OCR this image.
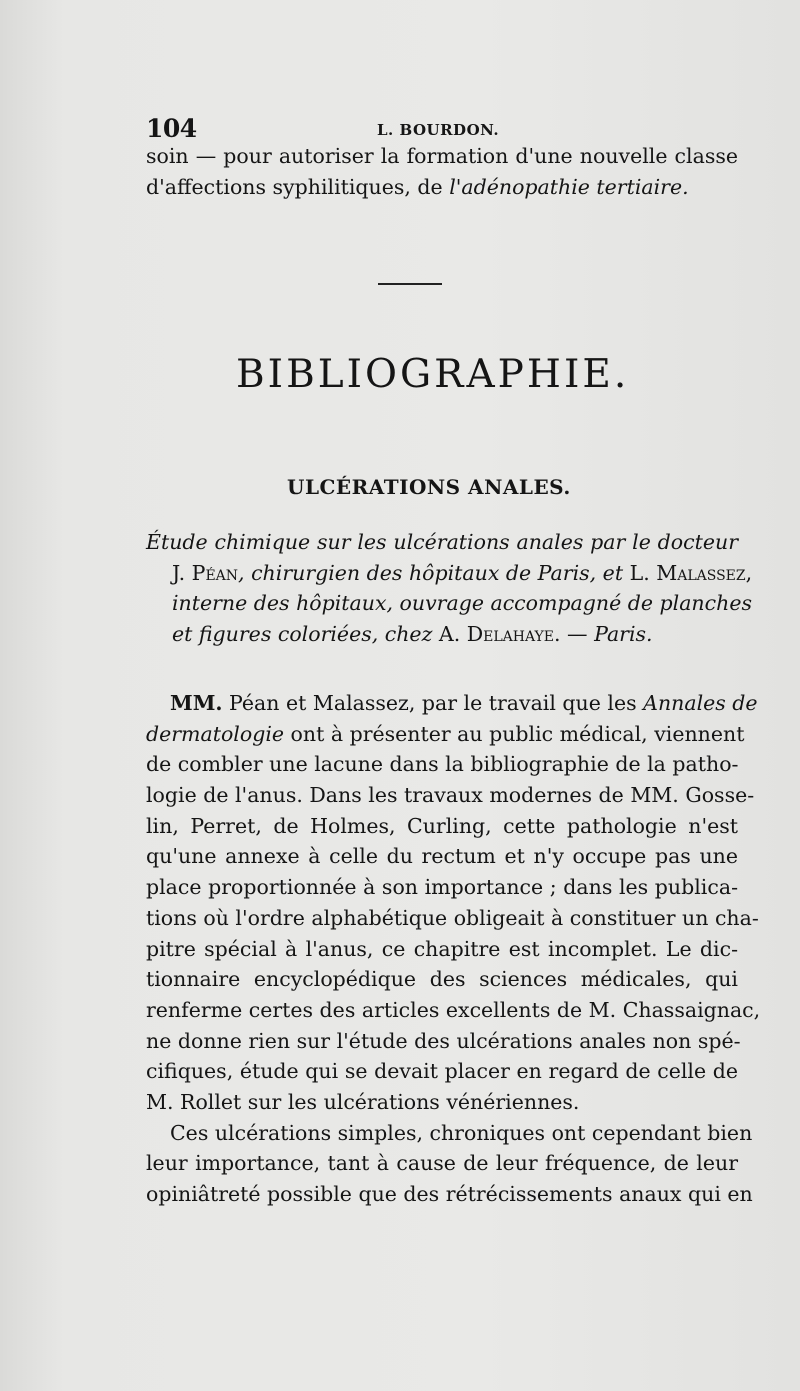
104	L. BOURDON.
soin — pour autoriser la formation d'une nouvelle classe
d'affections syphilitiques, de l'adénopathie tertiaire.
BIBLIOGRAPHIE.
ULCÉRATIONS ANALES.
Étude chimique sur les ulcérations anales par le docteur
J. Péan, chirurgien des hôpitaux de Paris, et L. Malassez,
interne des hôpitaux, ouvrage accompagné de planches
et figures coloriées, chez A. Delahaye. — Paris.
MM. Péan et Malassez, par le travail que les Annales de
dermatologie ont à présenter au public médical, viennent
de combler une lacune dans la bibliographie de la patho-
logie de l'anus. Dans les travaux modernes de MM. Gosse-
lin, Perret, de Holmes, Curling, cette pathologie n'est
qu'une annexe à celle du rectum et n'y occupe pas une
place proportionnée à son importance ; dans les publica-
tions où l'ordre alphabétique obligeait à constituer un cha-
pitre spécial à l'anus, ce chapitre est incomplet. Le dic-
tionnaire encyclopédique des sciences médicales, qui
renferme certes des articles excellents de M. Chassaignac,
ne donne rien sur l'étude des ulcérations anales non spé-
cifiques, étude qui se devait placer en regard de celle de
M. Rollet sur les ulcérations vénériennes.
Ces ulcérations simples, chroniques ont cependant bien
leur importance, tant à cause de leur fréquence, de leur
opiniâtreté possible que des rétrécissements anaux qui en
